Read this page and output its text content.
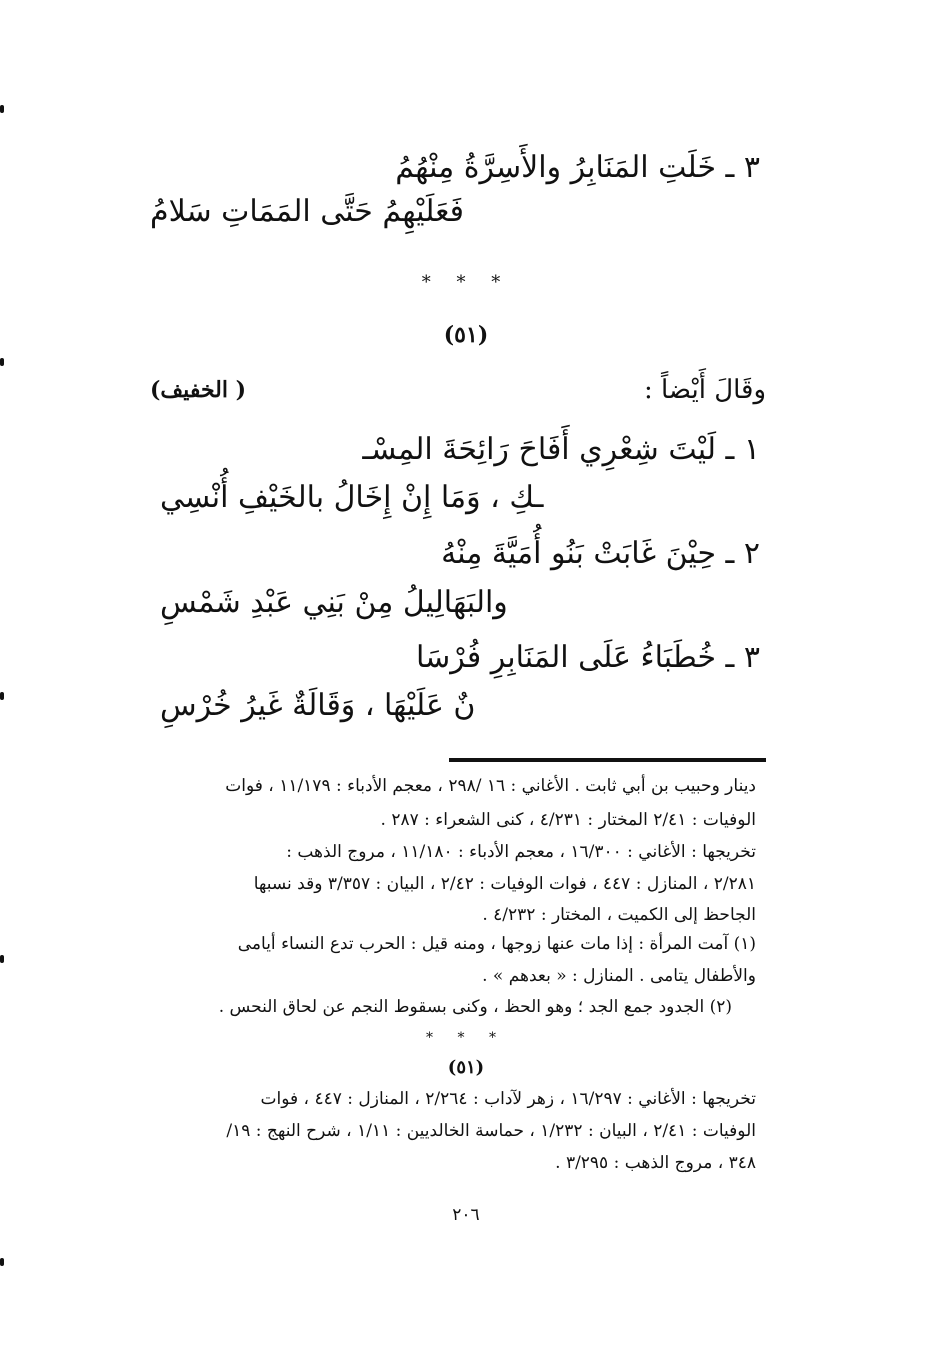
٣ ـ خَلَتِ المَنَابِرُ والأَسِرَّةُ مِنْهُمُ
فَعَلَيْهِمُ حَتَّى المَمَاتِ سَلامُ
* * *
(٥١)
وقَالَ أَيْضاً :
( الخفيف)
١ ـ لَيْتَ شِعْرِي أَفَاحَ رَائِحَةَ المِسْـ
ـكِ ، وَمَا إِنْ إِخَالُ بالخَيْفِ أُنْسِي
٢ ـ حِيْنَ غَابَتْ بَنُو أُمَيَّةَ مِنْهُ
والبَهَالِيلُ مِنْ بَنِي عَبْدِ شَمْسِ
٣ ـ خُطَبَاءُ عَلَى المَنَابِرِ فُرْسَا
نٌ عَلَيْهَا ، وَقَالَةٌ غَيرُ خُرْسِ
دينار وحبيب بن أبي ثابت . الأغاني : ١٦ /٢٩٨ ، معجم الأدباء : ١١/١٧٩ ، فوات
الوفيات : ٢/٤١ المختار : ٤/٢٣١ ، كنى الشعراء : ٢٨٧ .
تخريجها : الأغاني : ١٦/٣٠٠ ، معجم الأدباء : ١١/١٨٠ ، مروج الذهب :
٢/٢٨١ ، المنازل : ٤٤٧ ، فوات الوفيات : ٢/٤٢ ، البيان : ٣/٣٥٧ وقد نسبها
الجاحظ إلى الكميت ، المختار : ٤/٢٣٢ .
(١) آمت المرأة : إذا مات عنها زوجها ، ومنه قيل : الحرب تدع النساء أيامى
والأطفال يتامى . المنازل : « بعدهم » .
(٢) الجدود جمع الجد ؛ وهو الحظ ، وكنى بسقوط النجم عن لحاق النحس .
* * *
(٥١)
تخريجها : الأغاني : ١٦/٢٩٧ ، زهر لآداب : ٢/٢٦٤ ، المنازل : ٤٤٧ ، فوات
الوفيات : ٢/٤١ ، البيان : ١/٢٣٢ ، حماسة الخالديين : ١/١١ ، شرح النهج : ١٩/
٣٤٨ ، مروج الذهب : ٣/٢٩٥ .
٢٠٦
